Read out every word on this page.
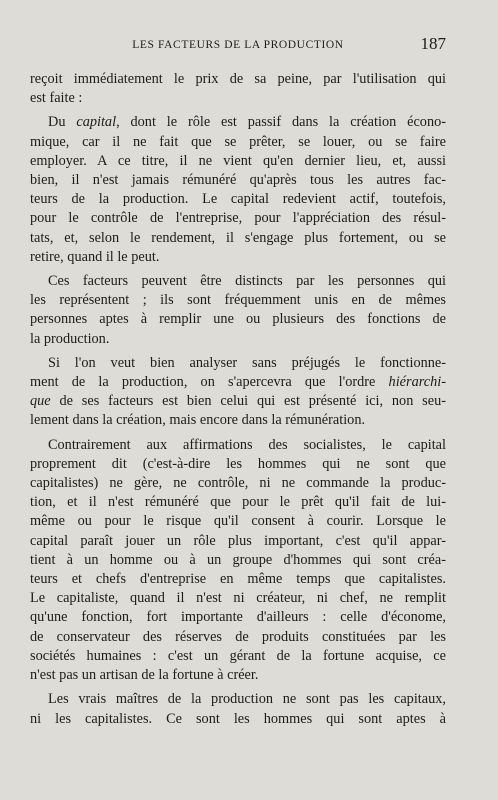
LES FACTEURS DE LA PRODUCTION	187

reçoit immédiatement le prix de sa peine, par l'utilisation qui
est faite :

Du capital, dont le rôle est passif dans la création écono-
mique, car il ne fait que se prêter, se louer, ou se faire
employer. A ce titre, il ne vient qu'en dernier lieu, et, aussi
bien, il n'est jamais rémunéré qu'après tous les autres fac-
teurs de la production. Le capital redevient actif, toutefois,
pour le contrôle de l'entreprise, pour l'appréciation des résul-
tats, et, selon le rendement, il s'engage plus fortement, ou se
retire, quand il le peut.

Ces facteurs peuvent être distincts par les personnes qui
les représentent ; ils sont fréquemment unis en de mêmes
personnes aptes à remplir une ou plusieurs des fonctions de
la production.

Si l'on veut bien analyser sans préjugés le fonctionne-
ment de la production, on s'apercevra que l'ordre hiérarchi-
que de ses facteurs est bien celui qui est présenté ici, non seu-
lement dans la création, mais encore dans la rémunération.

Contrairement aux affirmations des socialistes, le capital
proprement dit (c'est-à-dire les hommes qui ne sont que
capitalistes) ne gère, ne contrôle, ni ne commande la produc-
tion, et il n'est rémunéré que pour le prêt qu'il fait de lui-
même ou pour le risque qu'il consent à courir. Lorsque le
capital paraît jouer un rôle plus important, c'est qu'il appar-
tient à un homme ou à un groupe d'hommes qui sont créa-
teurs et chefs d'entreprise en même temps que capitalistes.
Le capitaliste, quand il n'est ni créateur, ni chef, ne remplit
qu'une fonction, fort importante d'ailleurs : celle d'économe,
de conservateur des réserves de produits constituées par les
sociétés humaines : c'est un gérant de la fortune acquise, ce
n'est pas un artisan de la fortune à créer.

Les vrais maîtres de la production ne sont pas les capitaux,
ni les capitalistes. Ce sont les hommes qui sont aptes à
